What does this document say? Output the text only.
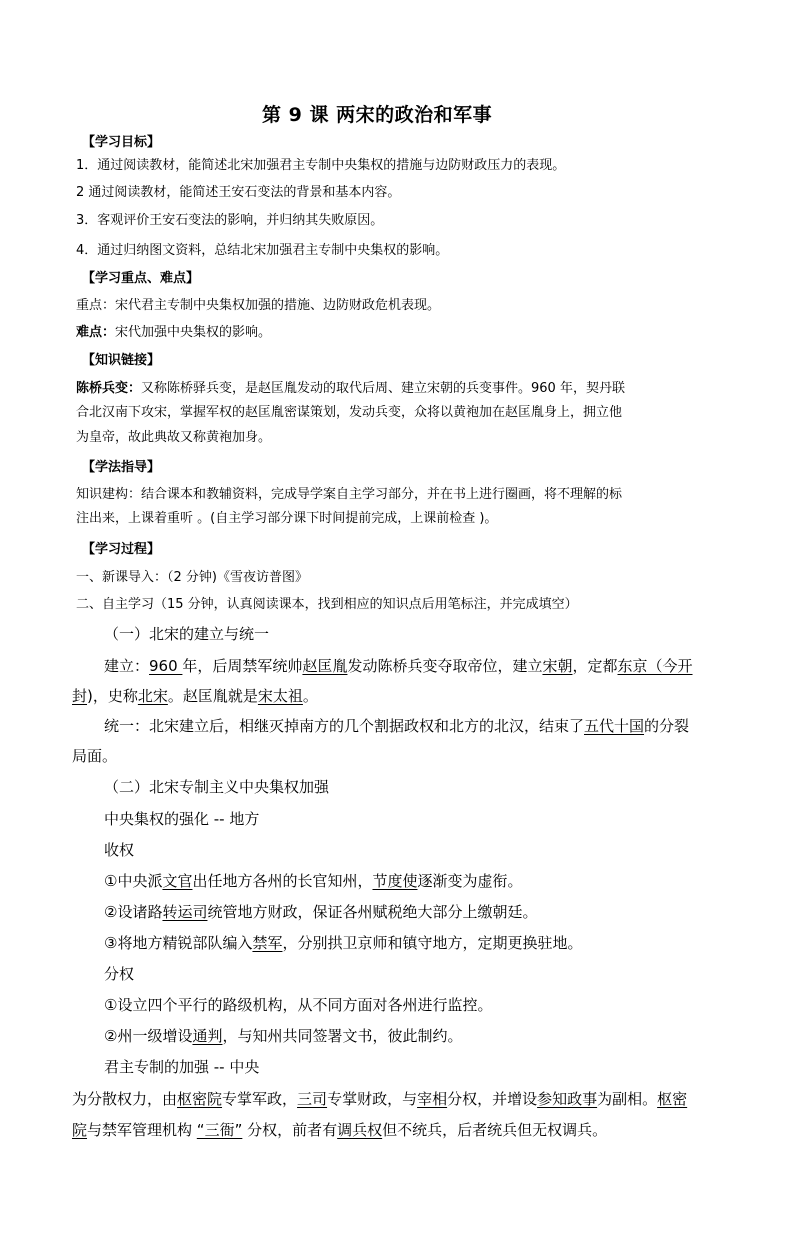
第 9 课 两宋的政治和军事
【学习目标】
1．通过阅读教材，能简述北宋加强君主专制中央集权的措施与边防财政压力的表现。
2 通过阅读教材，能简述王安石变法的背景和基本内容。
3．客观评价王安石变法的影响，并归纳其失败原因。
4．通过归纳图文资料，总结北宋加强君主专制中央集权的影响。
【学习重点、难点】
重点：宋代君主专制中央集权加强的措施、边防财政危机表现。
难点：宋代加强中央集权的影响。
【知识链接】
陈桥兵变：又称陈桥驿兵变，是赵匡胤发动的取代后周、建立宋朝的兵变事件。960 年，契丹联
合北汉南下攻宋，掌握军权的赵匡胤密谋策划，发动兵变，众将以黄袍加在赵匡胤身上，拥立他
为皇帝，故此典故又称黄袍加身。
【学法指导】
知识建构：结合课本和教辅资料，完成导学案自主学习部分，并在书上进行圈画，将不理解的标
注出来，上课着重听 。(自主学习部分课下时间提前完成，上课前检查 )。
【学习过程】
一、新课导入：（2 分钟)《雪夜访普图》
二、自主学习（15 分钟，认真阅读课本，找到相应的知识点后用笔标注，并完成填空）
（一）北宋的建立与统一
建立：960 年，后周禁军统帅赵匡胤发动陈桥兵变夺取帝位，建立宋朝，定都东京（今开
封)，史称北宋。赵匡胤就是宋太祖。
统一：北宋建立后，相继灭掉南方的几个割据政权和北方的北汉，结束了五代十国的分裂
局面。
（二）北宋专制主义中央集权加强
中央集权的强化 -- 地方
收权
①中央派文官出任地方各州的长官知州，节度使逐渐变为虚衔。
②设诸路转运司统管地方财政，保证各州赋税绝大部分上缴朝廷。
③将地方精锐部队编入禁军，分别拱卫京师和镇守地方，定期更换驻地。
分权
①设立四个平行的路级机构，从不同方面对各州进行监控。
②州一级增设通判，与知州共同签署文书，彼此制约。
君主专制的加强 -- 中央
为分散权力，由枢密院专掌军政，三司专掌财政，与宰相分权，并增设参知政事为副相。枢密
院与禁军管理机构 “三衙” 分权，前者有调兵权但不统兵，后者统兵但无权调兵。
